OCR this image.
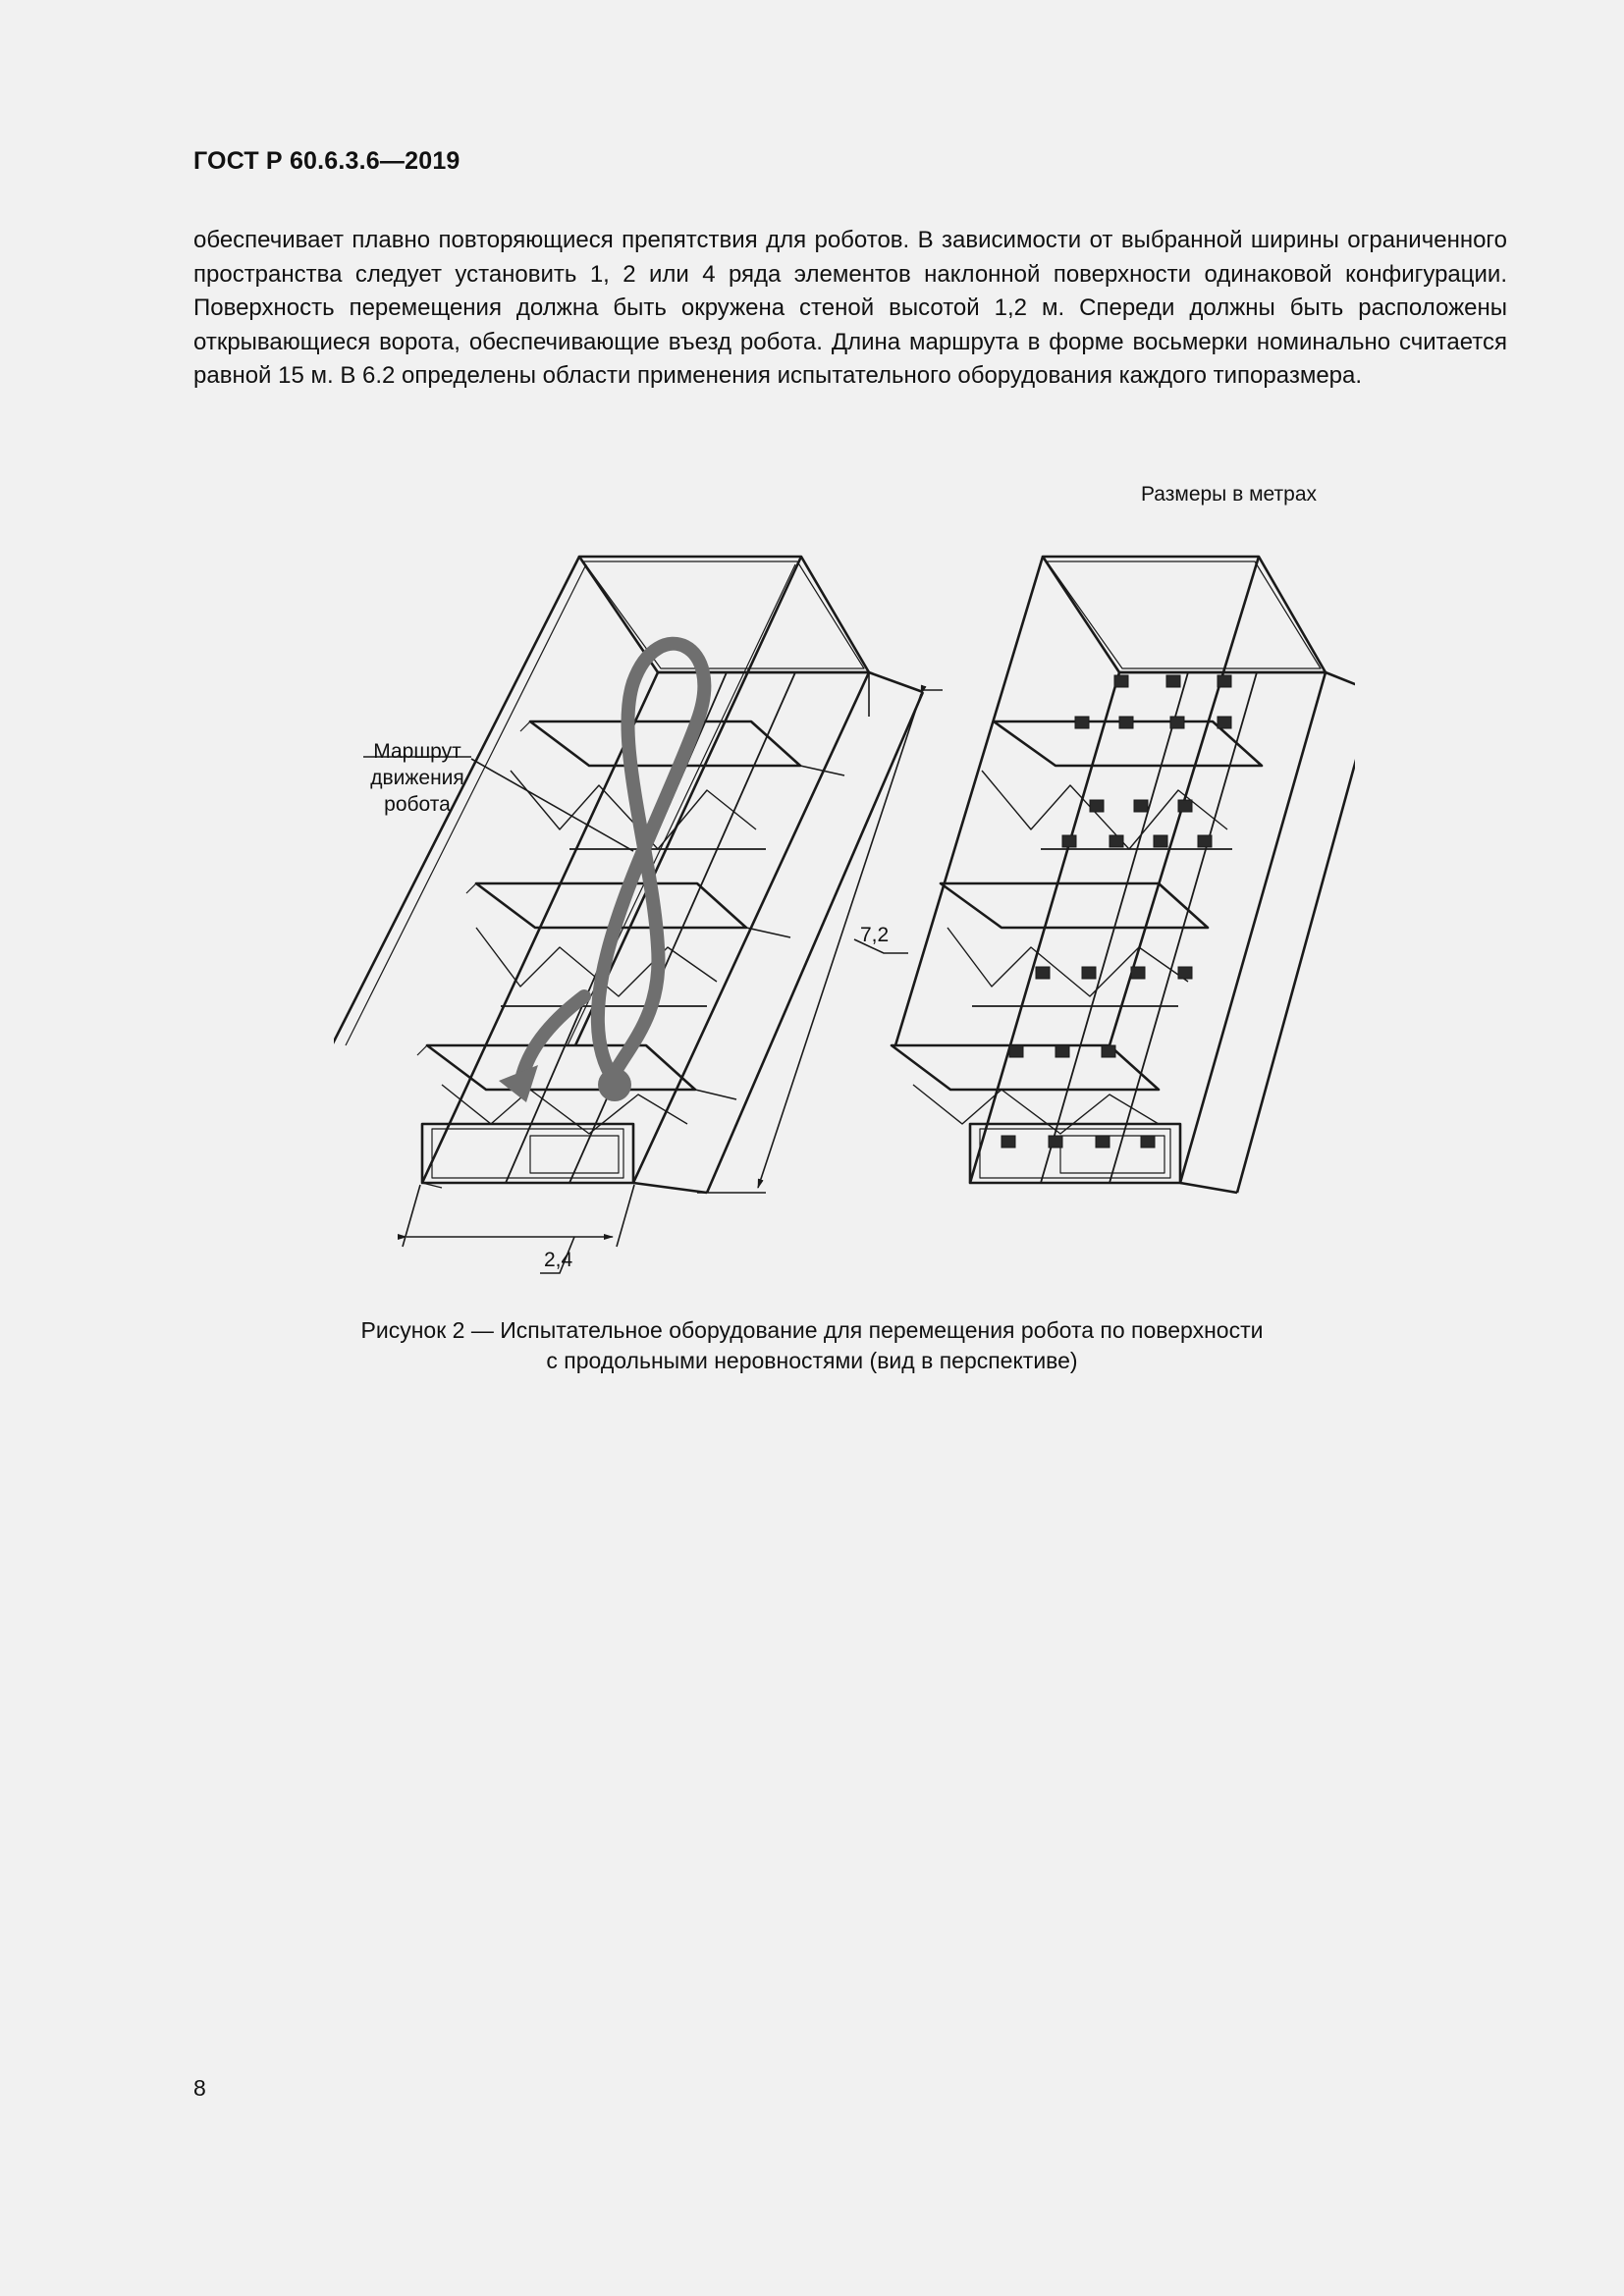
ГОСТ Р 60.6.3.6—2019
обеспечивает плавно повторяющиеся препятствия для роботов. В зависимости от выбранной ширины ограниченного пространства следует установить 1, 2 или 4 ряда элементов наклонной поверхности одинаковой конфигурации. Поверхность перемещения должна быть окружена стеной высотой 1,2 м. Спереди должны быть расположены открывающиеся ворота, обеспечивающие въезд робота. Длина маршрута в форме восьмерки номинально считается равной 15 м. В 6.2 определены области применения испытательного оборудования каждого типоразмера.
Размеры в метрах
Маршрут
движения
робота
7,2
2,4
Рисунок 2 — Испытательное оборудование для перемещения робота по поверхности
с продольными неровностями (вид в перспективе)
8
